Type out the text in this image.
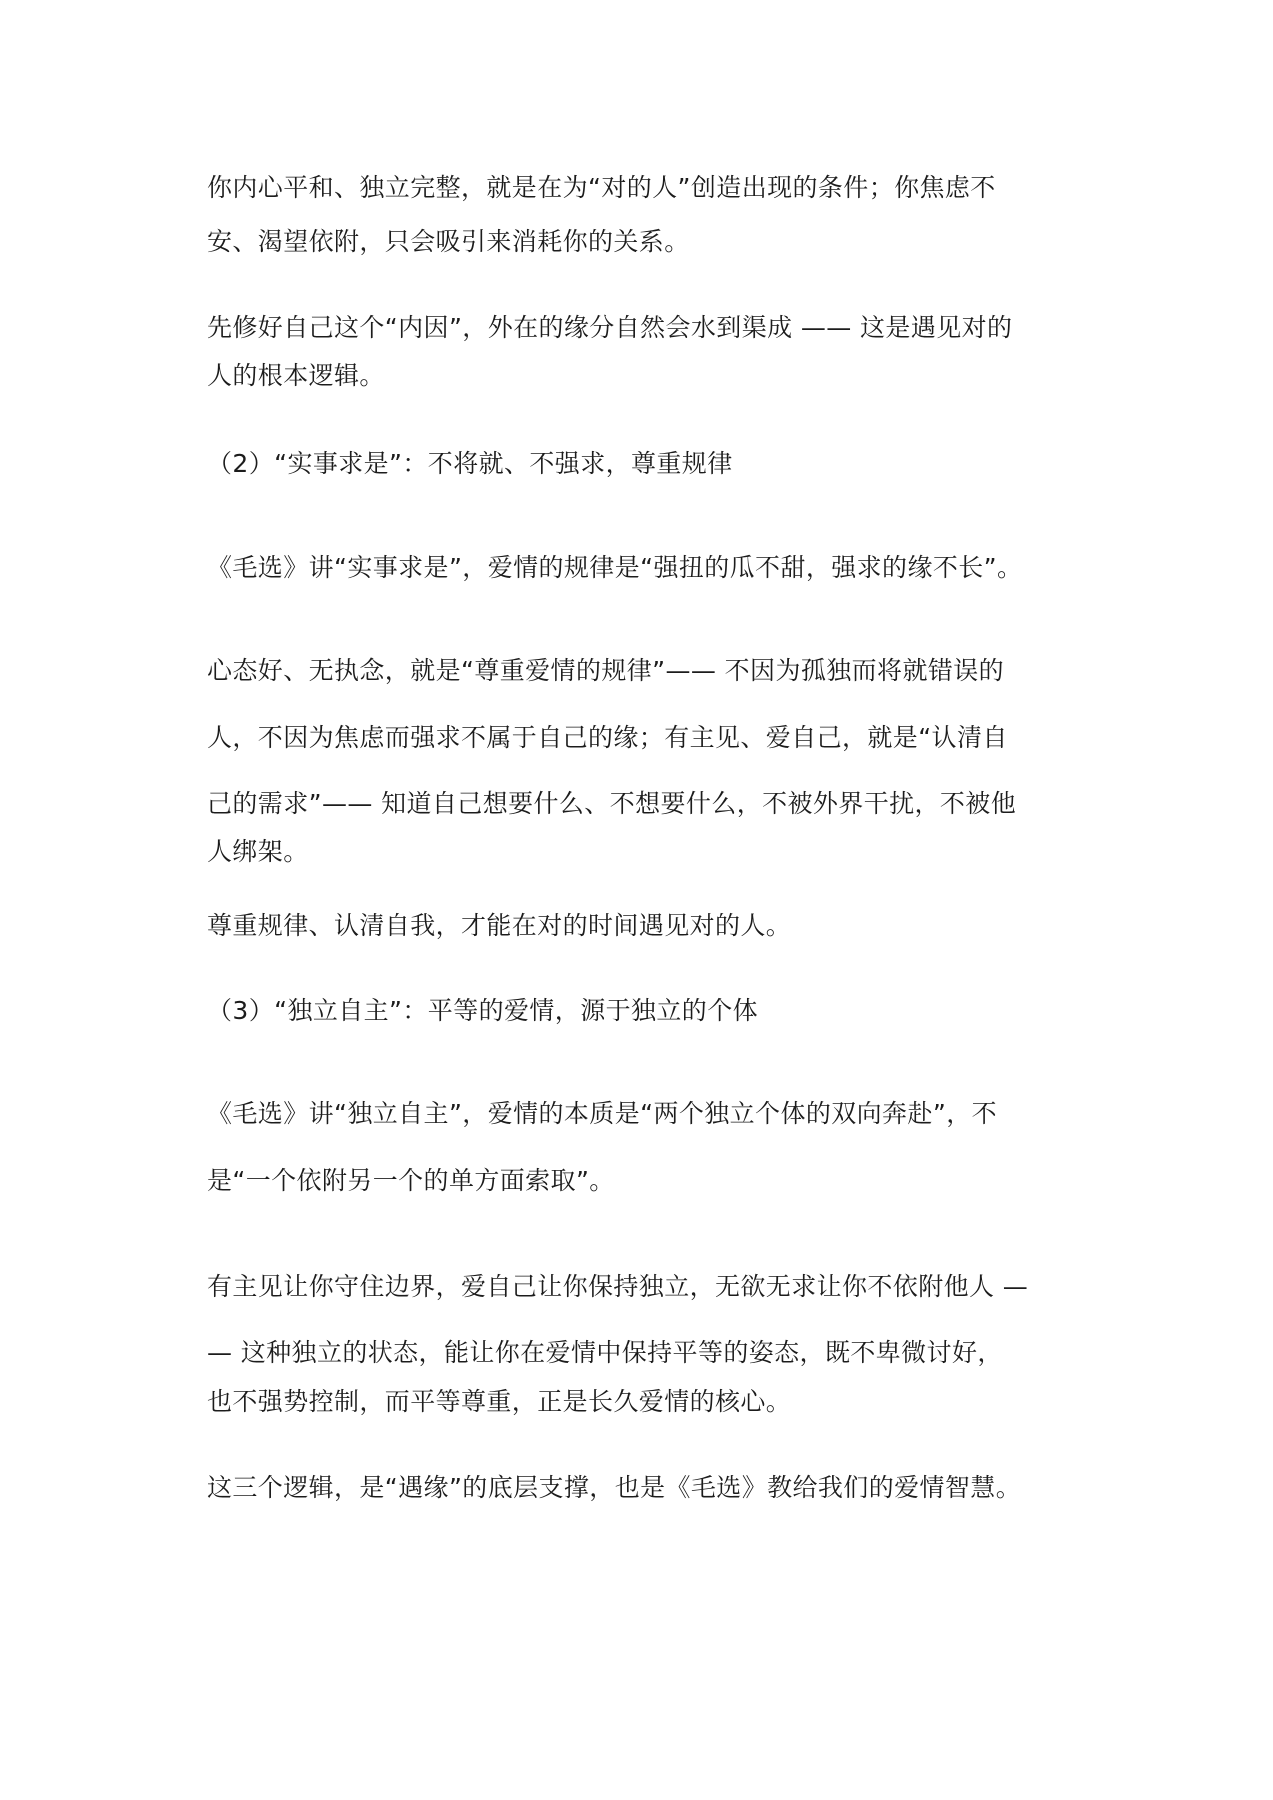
你内心平和、独立完整，就是在为“对的人”创造出现的条件；你焦虑不
安、渴望依附，只会吸引来消耗你的关系。
先修好自己这个“内因”，外在的缘分自然会水到渠成 —— 这是遇见对的
人的根本逻辑。
（2）“实事求是”：不将就、不强求，尊重规律
《毛选》讲“实事求是”，爱情的规律是“强扭的瓜不甜，强求的缘不长”。
心态好、无执念，就是“尊重爱情的规律”—— 不因为孤独而将就错误的
人，不因为焦虑而强求不属于自己的缘；有主见、爱自己，就是“认清自
己的需求”—— 知道自己想要什么、不想要什么，不被外界干扰，不被他
人绑架。
尊重规律、认清自我，才能在对的时间遇见对的人。
（3）“独立自主”：平等的爱情，源于独立的个体
《毛选》讲“独立自主”，爱情的本质是“两个独立个体的双向奔赴”，不
是“一个依附另一个的单方面索取”。
有主见让你守住边界，爱自己让你保持独立，无欲无求让你不依附他人 —
— 这种独立的状态，能让你在爱情中保持平等的姿态，既不卑微讨好，
也不强势控制，而平等尊重，正是长久爱情的核心。
这三个逻辑，是“遇缘”的底层支撑，也是《毛选》教给我们的爱情智慧。
